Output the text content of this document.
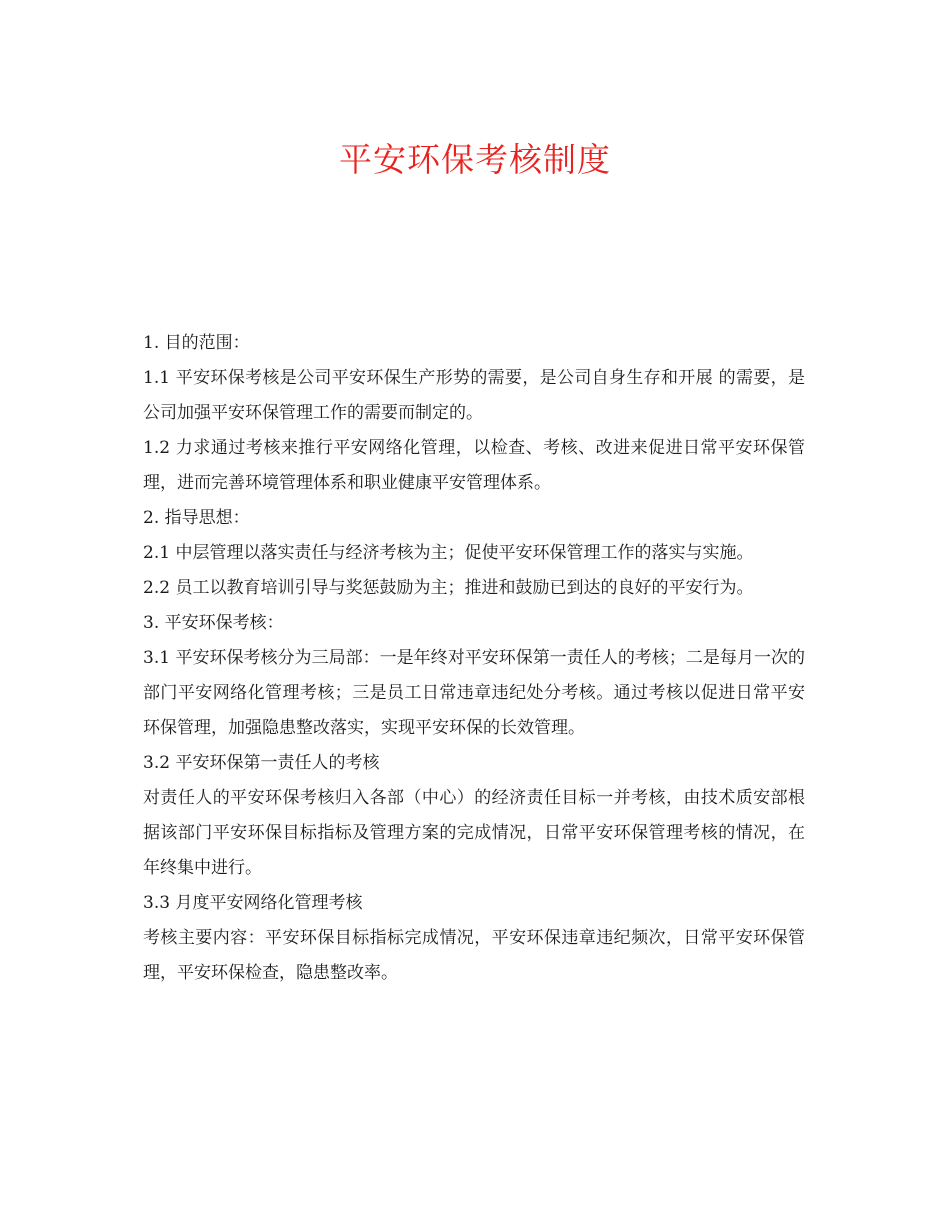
平安环保考核制度

1. 目的范围：

1.1 平安环保考核是公司平安环保生产形势的需要，是公司自身生存和开展 的需要，是公司加强平安环保管理工作的需要而制定的。

1.2 力求通过考核来推行平安网络化管理，以检查、考核、改进来促进日常平安环保管理，进而完善环境管理体系和职业健康平安管理体系。

2. 指导思想：

2.1 中层管理以落实责任与经济考核为主；促使平安环保管理工作的落实与实施。

2.2 员工以教育培训引导与奖惩鼓励为主；推进和鼓励已到达的良好的平安行为。

3. 平安环保考核：

3.1 平安环保考核分为三局部：一是年终对平安环保第一责任人的考核；二是每月一次的部门平安网络化管理考核；三是员工日常违章违纪处分考核。通过考核以促进日常平安环保管理，加强隐患整改落实，实现平安环保的长效管理。

3.2 平安环保第一责任人的考核

对责任人的平安环保考核归入各部（中心）的经济责任目标一并考核，由技术质安部根据该部门平安环保目标指标及管理方案的完成情况，日常平安环保管理考核的情况，在年终集中进行。

3.3 月度平安网络化管理考核

考核主要内容：平安环保目标指标完成情况，平安环保违章违纪频次，日常平安环保管理，平安环保检查，隐患整改率。
